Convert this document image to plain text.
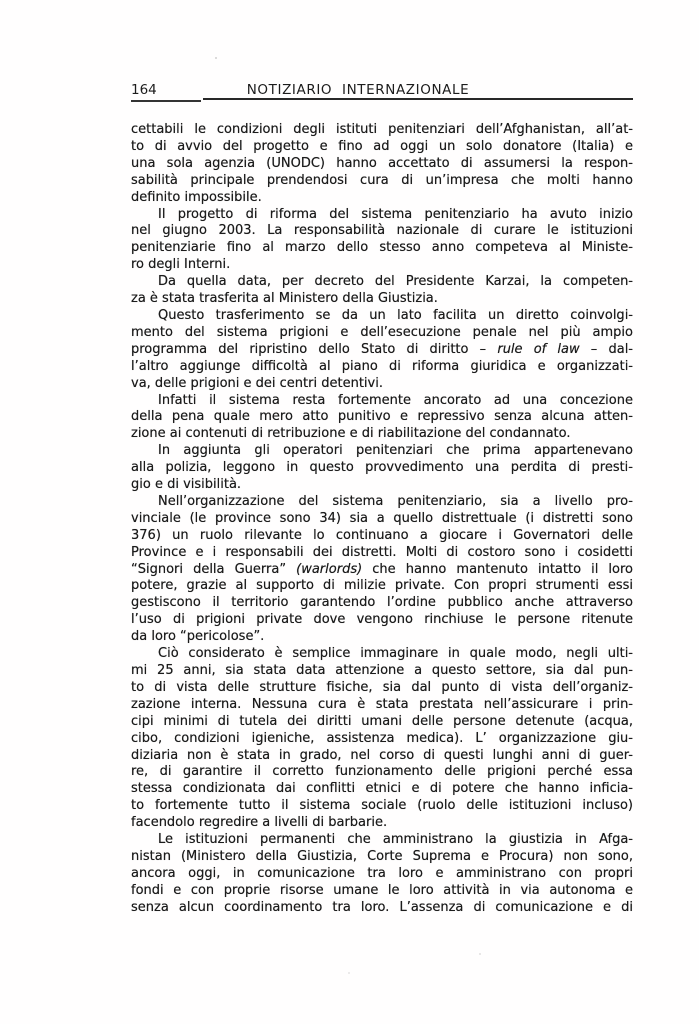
164	NOTIZIARIO INTERNAZIONALE
cettabili le condizioni degli istituti penitenziari dell’Afghanistan, all’at-
to di avvio del progetto e fino ad oggi un solo donatore (Italia) e
una sola agenzia (UNODC) hanno accettato di assumersi la respon-
sabilità principale prendendosi cura di un’impresa che molti hanno
definito impossibile.
Il progetto di riforma del sistema penitenziario ha avuto inizio
nel giugno 2003. La responsabilità nazionale di curare le istituzioni
penitenziarie fino al marzo dello stesso anno competeva al Ministe-
ro degli Interni.
Da quella data, per decreto del Presidente Karzai, la competen-
za è stata trasferita al Ministero della Giustizia.
Questo trasferimento se da un lato facilita un diretto coinvolgi-
mento del sistema prigioni e dell’esecuzione penale nel più ampio
programma del ripristino dello Stato di diritto – rule of law – dal-
l’altro aggiunge difficoltà al piano di riforma giuridica e organizzati-
va, delle prigioni e dei centri detentivi.
Infatti il sistema resta fortemente ancorato ad una concezione
della pena quale mero atto punitivo e repressivo senza alcuna atten-
zione ai contenuti di retribuzione e di riabilitazione del condannato.
In aggiunta gli operatori penitenziari che prima appartenevano
alla polizia, leggono in questo provvedimento una perdita di presti-
gio e di visibilità.
Nell’organizzazione del sistema penitenziario, sia a livello pro-
vinciale (le province sono 34) sia a quello distrettuale (i distretti sono
376) un ruolo rilevante lo continuano a giocare i Governatori delle
Province e i responsabili dei distretti. Molti di costoro sono i cosidetti
“Signori della Guerra” (warlords) che hanno mantenuto intatto il loro
potere, grazie al supporto di milizie private. Con propri strumenti essi
gestiscono il territorio garantendo l’ordine pubblico anche attraverso
l’uso di prigioni private dove vengono rinchiuse le persone ritenute
da loro “pericolose”.
Ciò considerato è semplice immaginare in quale modo, negli ulti-
mi 25 anni, sia stata data attenzione a questo settore, sia dal pun-
to di vista delle strutture fisiche, sia dal punto di vista dell’organiz-
zazione interna. Nessuna cura è stata prestata nell’assicurare i prin-
cipi minimi di tutela dei diritti umani delle persone detenute (acqua,
cibo, condizioni igieniche, assistenza medica). L’ organizzazione giu-
diziaria non è stata in grado, nel corso di questi lunghi anni di guer-
re, di garantire il corretto funzionamento delle prigioni perché essa
stessa condizionata dai conflitti etnici e di potere che hanno inficia-
to fortemente tutto il sistema sociale (ruolo delle istituzioni incluso)
facendolo regredire a livelli di barbarie.
Le istituzioni permanenti che amministrano la giustizia in Afga-
nistan (Ministero della Giustizia, Corte Suprema e Procura) non sono,
ancora oggi, in comunicazione tra loro e amministrano con propri
fondi e con proprie risorse umane le loro attività in via autonoma e
senza alcun coordinamento tra loro. L’assenza di comunicazione e di
